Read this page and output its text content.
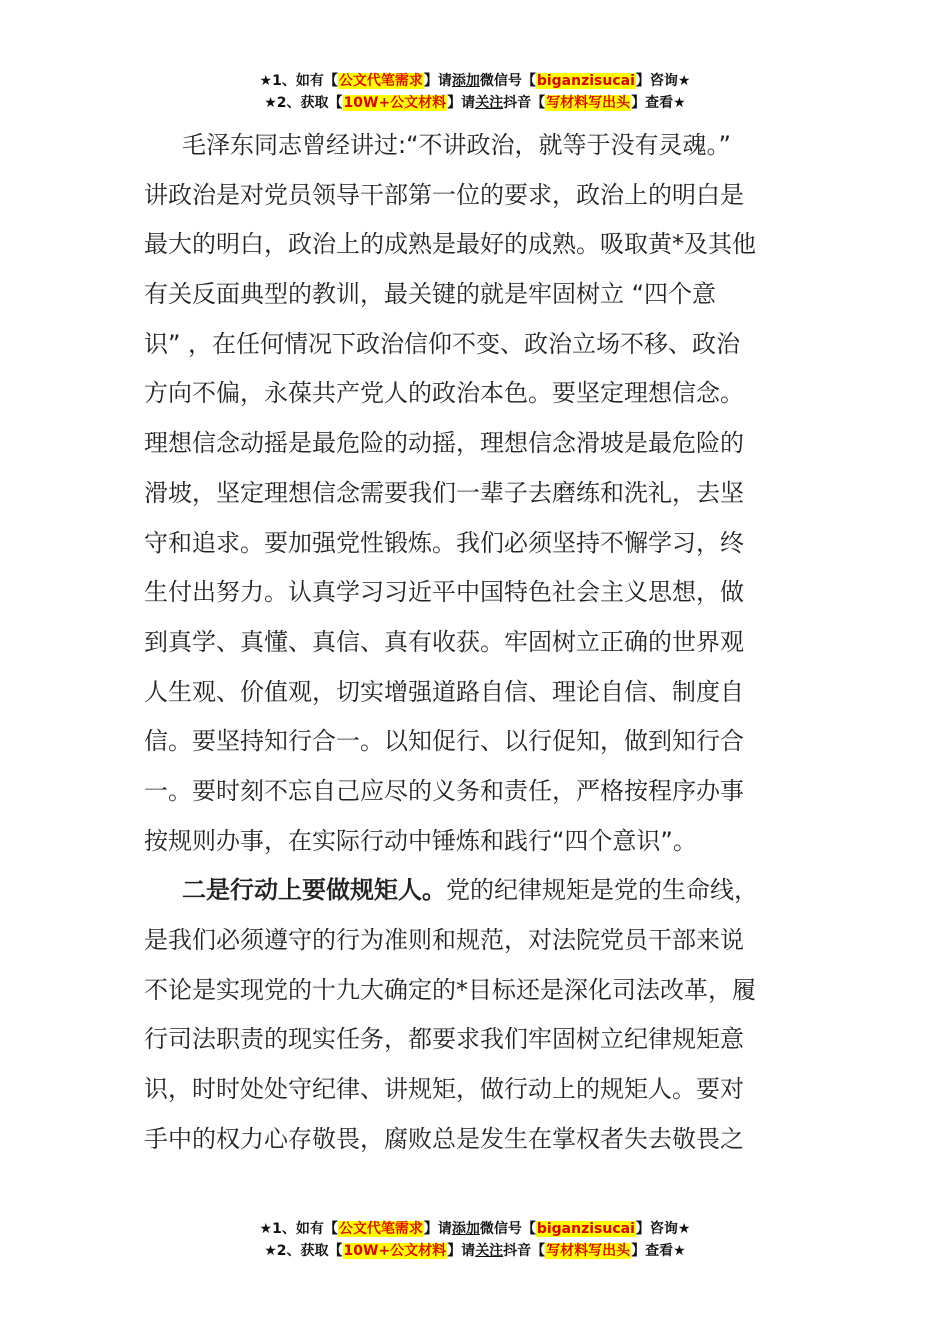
★1、如有【公文代笔需求】请添加微信号【biganzisucai】咨询★
★2、获取【10W+公文材料】请关注抖音【写材料写出头】查看★
毛泽东同志曾经讲过:“不讲政治，就等于没有灵魂。”
讲政治是对党员领导干部第一位的要求，政治上的明白是
最大的明白，政治上的成熟是最好的成熟。吸取黄*及其他
有关反面典型的教训，最关键的就是牢固树立 “四个意
识” ，在任何情况下政治信仰不变、政治立场不移、政治
方向不偏，永葆共产党人的政治本色。要坚定理想信念。
理想信念动摇是最危险的动摇，理想信念滑坡是最危险的
滑坡，坚定理想信念需要我们一辈子去磨练和洗礼，去坚
守和追求。要加强党性锻炼。我们必须坚持不懈学习，终
生付出努力。认真学习习近平中国特色社会主义思想，做
到真学、真懂、真信、真有收获。牢固树立正确的世界观
人生观、价值观，切实增强道路自信、理论自信、制度自
信。要坚持知行合一。以知促行、以行促知，做到知行合
一。要时刻不忘自己应尽的义务和责任，严格按程序办事
按规则办事，在实际行动中锤炼和践行“四个意识”。
二是行动上要做规矩人。党的纪律规矩是党的生命线，
是我们必须遵守的行为准则和规范，对法院党员干部来说
不论是实现党的十九大确定的*目标还是深化司法改革，履
行司法职责的现实任务，都要求我们牢固树立纪律规矩意
识，时时处处守纪律、讲规矩，做行动上的规矩人。要对
手中的权力心存敬畏，腐败总是发生在掌权者失去敬畏之
★1、如有【公文代笔需求】请添加微信号【biganzisucai】咨询★
★2、获取【10W+公文材料】请关注抖音【写材料写出头】查看★
